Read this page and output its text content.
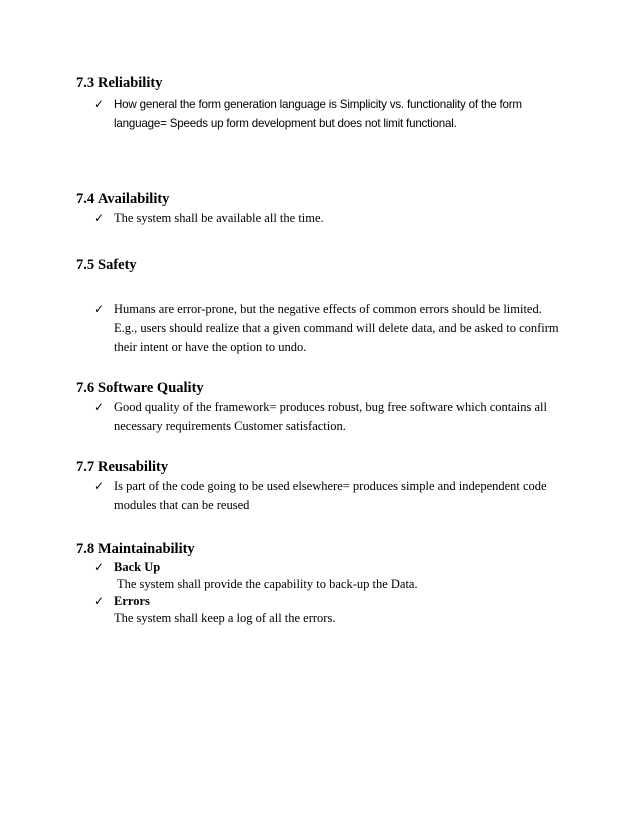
7.3 Reliability
✓ How general the form generation language is Simplicity vs. functionality of the form language= Speeds up form development but does not limit functional.
7.4 Availability
✓ The system shall be available all the time.
7.5 Safety
✓ Humans are error-prone, but the negative effects of common errors should be limited. E.g., users should realize that a given command will delete data, and be asked to confirm their intent or have the option to undo.
7.6 Software Quality
✓ Good quality of the framework= produces robust, bug free software which contains all necessary requirements Customer satisfaction.
7.7 Reusability
✓ Is part of the code going to be used elsewhere= produces simple and independent code modules that can be reused
7.8 Maintainability
✓ Back Up
The system shall provide the capability to back-up the Data.
✓ Errors
The system shall keep a log of all the errors.
